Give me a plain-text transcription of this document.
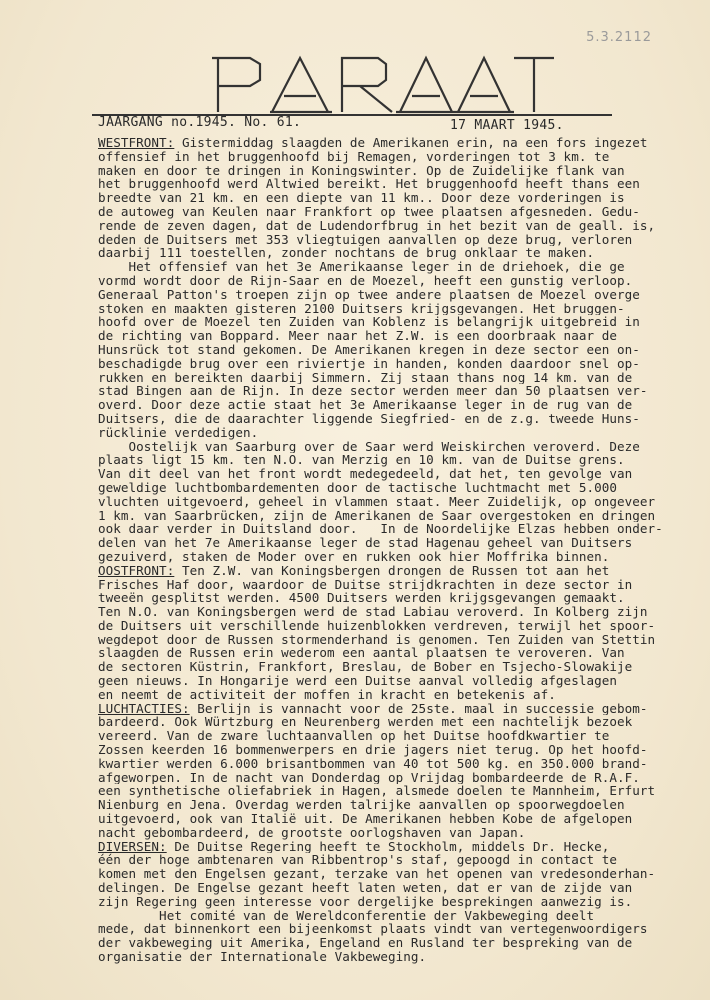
5.3.2112
JAARGANG no.1945. No. 61.	17 MAART 1945.
WESTFRONT: Gistermiddag slaagden de Amerikanen erin, na een fors ingezet
offensief in het bruggenhoofd bij Remagen, vorderingen tot 3 km. te
maken en door te dringen in Koningswinter. Op de Zuidelijke flank van
het bruggenhoofd werd Altwied bereikt. Het bruggenhoofd heeft thans een
breedte van 21 km. en een diepte van 11 km.. Door deze vorderingen is
de autoweg van Keulen naar Frankfort op twee plaatsen afgesneden. Gedu-
rende de zeven dagen, dat de Ludendorfbrug in het bezit van de geall. is,
deden de Duitsers met 353 vliegtuigen aanvallen op deze brug, verloren
daarbij 111 toestellen, zonder nochtans de brug onklaar te maken.
Het offensief van het 3e Amerikaanse leger in de driehoek, die ge
vormd wordt door de Rijn-Saar en de Moezel, heeft een gunstig verloop.
Generaal Patton's troepen zijn op twee andere plaatsen de Moezel overge
stoken en maakten gisteren 2100 Duitsers krijgsgevangen. Het bruggen-
hoofd over de Moezel ten Zuiden van Koblenz is belangrijk uitgebreid in
de richting van Boppard. Meer naar het Z.W. is een doorbraak naar de
Hunsrück tot stand gekomen. De Amerikanen kregen in deze sector een on-
beschadigde brug over een riviertje in handen, konden daardoor snel op-
rukken en bereikten daarbij Simmern. Zij staan thans nog 14 km. van de
stad Bingen aan de Rijn. In deze sector werden meer dan 50 plaatsen ver-
overd. Door deze actie staat het 3e Amerikaanse leger in de rug van de
Duitsers, die de daarachter liggende Siegfried- en de z.g. tweede Huns-
rücklinie verdedigen.
Oostelijk van Saarburg over de Saar werd Weiskirchen veroverd. Deze
plaats ligt 15 km. ten N.O. van Merzig en 10 km. van de Duitse grens.
Van dit deel van het front wordt medegedeeld, dat het, ten gevolge van
geweldige luchtbombardementen door de tactische luchtmacht met 5.000
vluchten uitgevoerd, geheel in vlammen staat. Meer Zuidelijk, op ongeveer
1 km. van Saarbrücken, zijn de Amerikanen de Saar overgestoken en dringen
ook daar verder in Duitsland door.   In de Noordelijke Elzas hebben onder-
delen van het 7e Amerikaanse leger de stad Hagenau geheel van Duitsers
gezuiverd, staken de Moder over en rukken ook hier Moffrika binnen.
OOSTFRONT: Ten Z.W. van Koningsbergen drongen de Russen tot aan het
Frisches Haf door, waardoor de Duitse strijdkrachten in deze sector in
tweeën gesplitst werden. 4500 Duitsers werden krijgsgevangen gemaakt.
Ten N.O. van Koningsbergen werd de stad Labiau veroverd. In Kolberg zijn
de Duitsers uit verschillende huizenblokken verdreven, terwijl het spoor-
wegdepot door de Russen stormenderhand is genomen. Ten Zuiden van Stettin
slaagden de Russen erin wederom een aantal plaatsen te veroveren. Van
de sectoren Küstrin, Frankfort, Breslau, de Bober en Tsjecho-Slowakije
geen nieuws. In Hongarije werd een Duitse aanval volledig afgeslagen
en neemt de activiteit der moffen in kracht en betekenis af.
LUCHTACTIES: Berlijn is vannacht voor de 25ste. maal in successie gebom-
bardeerd. Ook Würtzburg en Neurenberg werden met een nachtelijk bezoek
vereerd. Van de zware luchtaanvallen op het Duitse hoofdkwartier te
Zossen keerden 16 bommenwerpers en drie jagers niet terug. Op het hoofd-
kwartier werden 6.000 brisantbommen van 40 tot 500 kg. en 350.000 brand-
afgeworpen. In de nacht van Donderdag op Vrijdag bombardeerde de R.A.F.
een synthetische oliefabriek in Hagen, alsmede doelen te Mannheim, Erfurt
Nienburg en Jena. Overdag werden talrijke aanvallen op spoorwegdoelen
uitgevoerd, ook van Italië uit. De Amerikanen hebben Kobe de afgelopen
nacht gebombardeerd, de grootste oorlogshaven van Japan.
DIVERSEN: De Duitse Regering heeft te Stockholm, middels Dr. Hecke,
één der hoge ambtenaren van Ribbentrop's staf, gepoogd in contact te
komen met den Engelsen gezant, terzake van het openen van vredesonderhan-
delingen. De Engelse gezant heeft laten weten, dat er van de zijde van
zijn Regering geen interesse voor dergelijke besprekingen aanwezig is.
Het comité van de Wereldconferentie der Vakbeweging deelt
mede, dat binnenkort een bijeenkomst plaats vindt van vertegenwoordigers
der vakbeweging uit Amerika, Engeland en Rusland ter bespreking van de
organisatie der Internationale Vakbeweging.
